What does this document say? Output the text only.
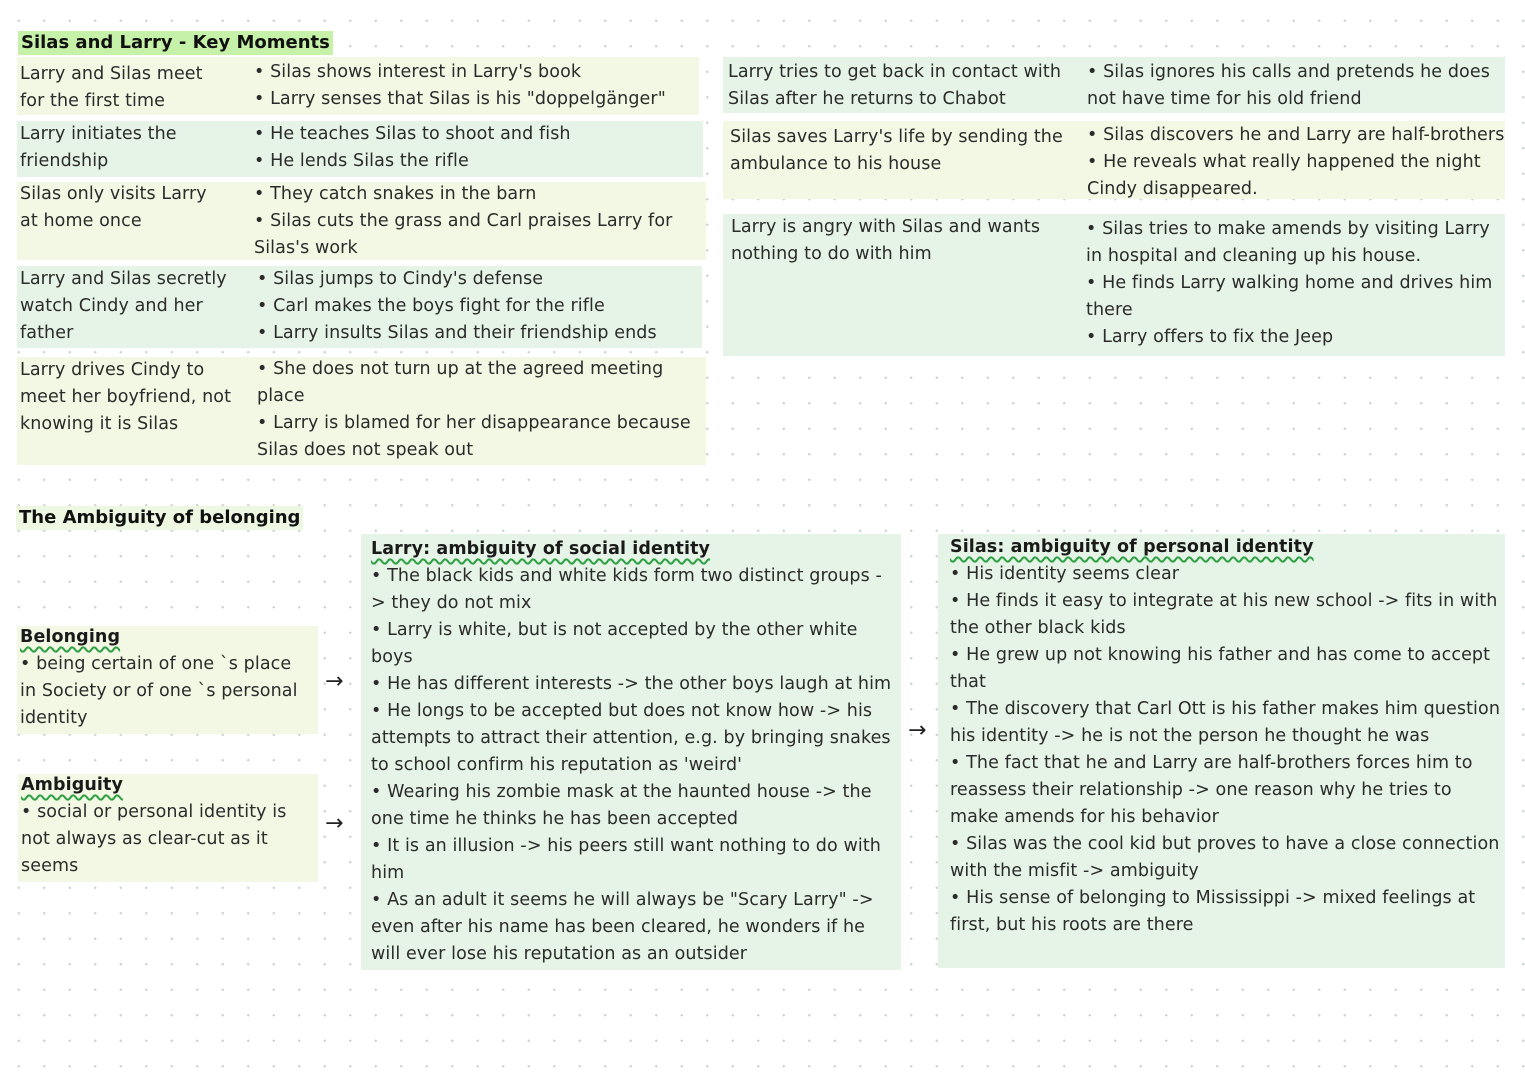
Silas and Larry - Key Moments
Larry and Silas meet for the first time
• Silas shows interest in Larry's book
• Larry senses that Silas is his "doppelgänger"
Larry initiates the friendship
• He teaches Silas to shoot and fish
• He lends Silas the rifle
Silas only visits Larry at home once
• They catch snakes in the barn
• Silas cuts the grass and Carl praises Larry for Silas's work
Larry and Silas secretly watch Cindy and her father
• Silas jumps to Cindy's defense
• Carl makes the boys fight for the rifle
• Larry insults Silas and their friendship ends
Larry drives Cindy to meet her boyfriend, not knowing it is Silas
• She does not turn up at the agreed meeting place
• Larry is blamed for her disappearance because Silas does not speak out
Larry tries to get back in contact with Silas after he returns to Chabot
• Silas ignores his calls and pretends he does not have time for his old friend
Silas saves Larry's life by sending the ambulance to his house
• Silas discovers he and Larry are half-brothers
• He reveals what really happened the night Cindy disappeared.
Larry is angry with Silas and wants nothing to do with him
• Silas tries to make amends by visiting Larry in hospital and cleaning up his house.
• He finds Larry walking home and drives him there
• Larry offers to fix the Jeep
The Ambiguity of belonging
Belonging
• being certain of one `s place in Society or of one `s personal identity
Ambiguity
• social or personal identity is not always as clear-cut as it seems
→
→
→
Larry: ambiguity of social identity
• The black kids and white kids form two distinct groups -> they do not mix
• Larry is white, but is not accepted by the other white boys
• He has different interests -> the other boys laugh at him
• He longs to be accepted but does not know how -> his attempts to attract their attention, e.g. by bringing snakes to school confirm his reputation as 'weird'
• Wearing his zombie mask at the haunted house -> the one time he thinks he has been accepted
• It is an illusion -> his peers still want nothing to do with him
• As an adult it seems he will always be "Scary Larry" -> even after his name has been cleared, he wonders if he will ever lose his reputation as an outsider
Silas: ambiguity of personal identity
• His identity seems clear
• He finds it easy to integrate at his new school -> fits in with the other black kids
• He grew up not knowing his father and has come to accept that
• The discovery that Carl Ott is his father makes him question his identity -> he is not the person he thought he was
• The fact that he and Larry are half-brothers forces him to reassess their relationship -> one reason why he tries to make amends for his behavior
• Silas was the cool kid but proves to have a close connection with the misfit -> ambiguity
• His sense of belonging to Mississippi -> mixed feelings at first, but his roots are there
